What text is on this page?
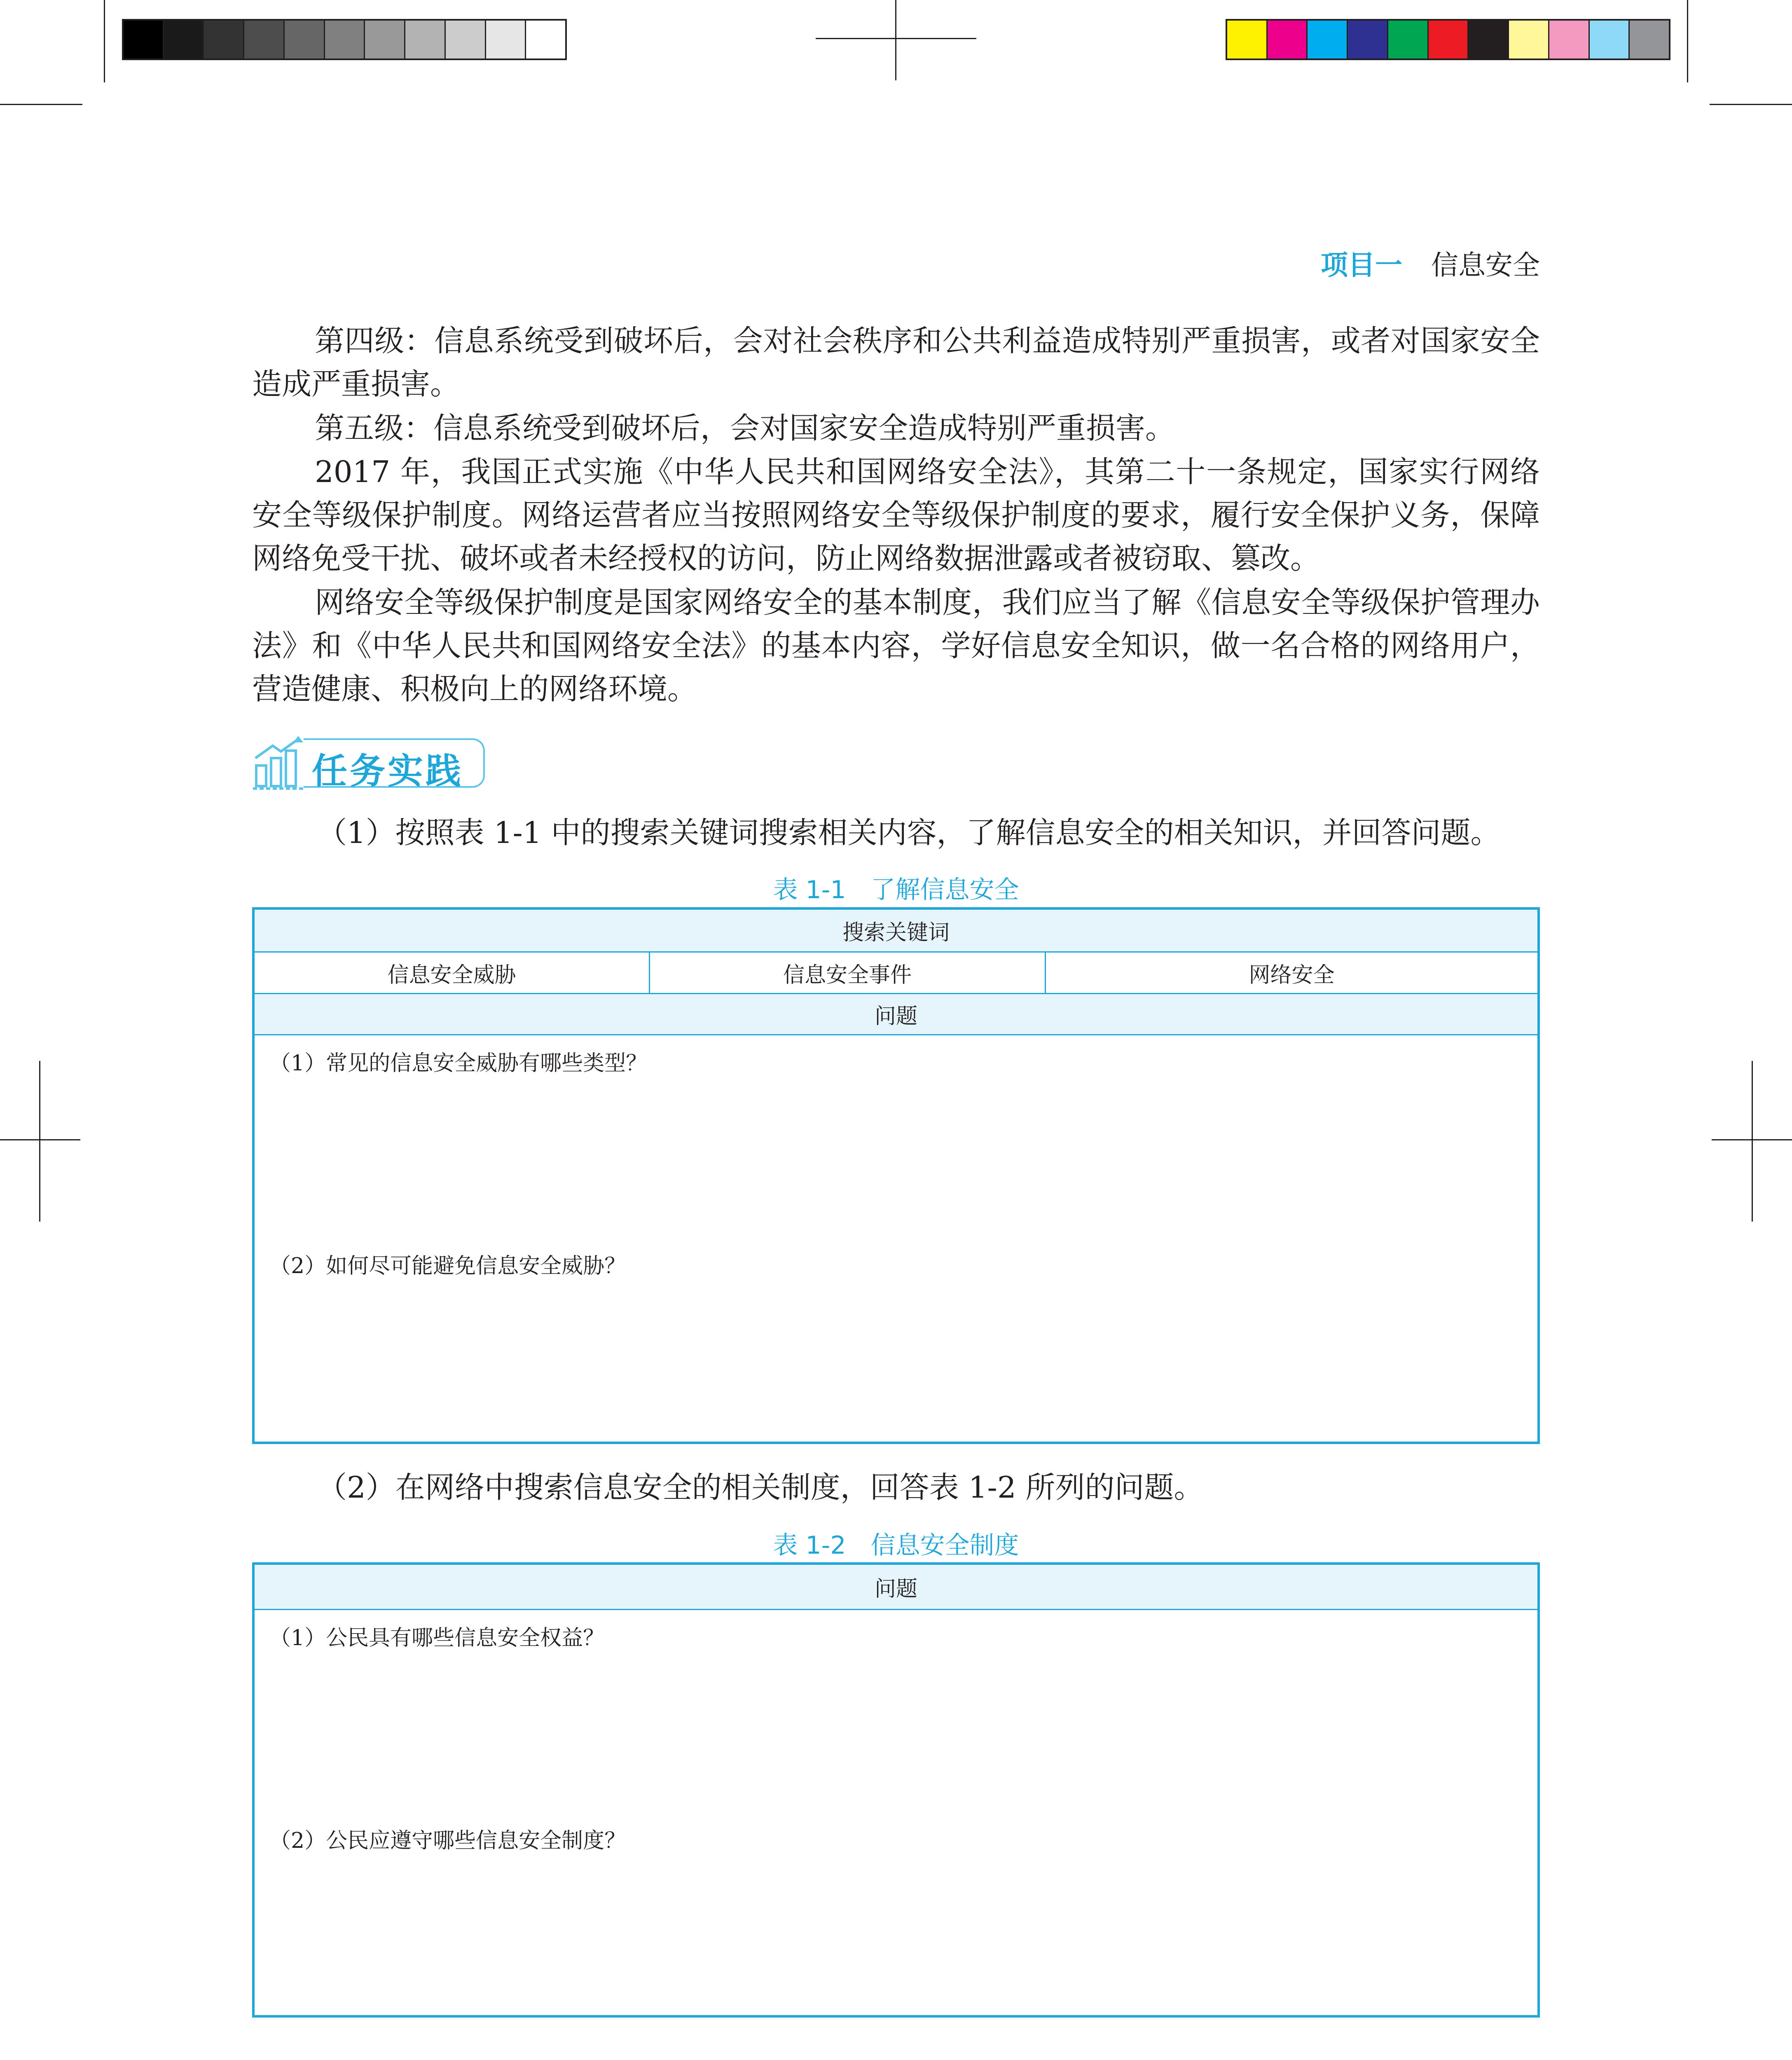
项目一 信息安全

第四级：信息系统受到破坏后，会对社会秩序和公共利益造成特别严重损害，或者对国家安全造成严重损害。

第五级：信息系统受到破坏后，会对国家安全造成特别严重损害。

2017 年，我国正式实施《中华人民共和国网络安全法》，其第二十一条规定，国家实行网络安全等级保护制度。网络运营者应当按照网络安全等级保护制度的要求，履行安全保护义务，保障网络免受干扰、破坏或者未经授权的访问，防止网络数据泄露或者被窃取、篡改。

网络安全等级保护制度是国家网络安全的基本制度，我们应当了解《信息安全等级保护管理办法》和《中华人民共和国网络安全法》的基本内容，学好信息安全知识，做一名合格的网络用户，营造健康、积极向上的网络环境。

任务实践
（1）按照表 1-1 中的搜索关键词搜索相关内容，了解信息安全的相关知识，并回答问题。
表 1-1 了解信息安全
搜索关键词
信息安全威胁	信息安全事件	网络安全
问题
（1）常见的信息安全威胁有哪些类型？
（2）如何尽可能避免信息安全威胁？
（2）在网络中搜索信息安全的相关制度，回答表 1-2 所列的问题。
表 1-2 信息安全制度
问题
（1）公民具有哪些信息安全权益？
（2）公民应遵守哪些信息安全制度？
